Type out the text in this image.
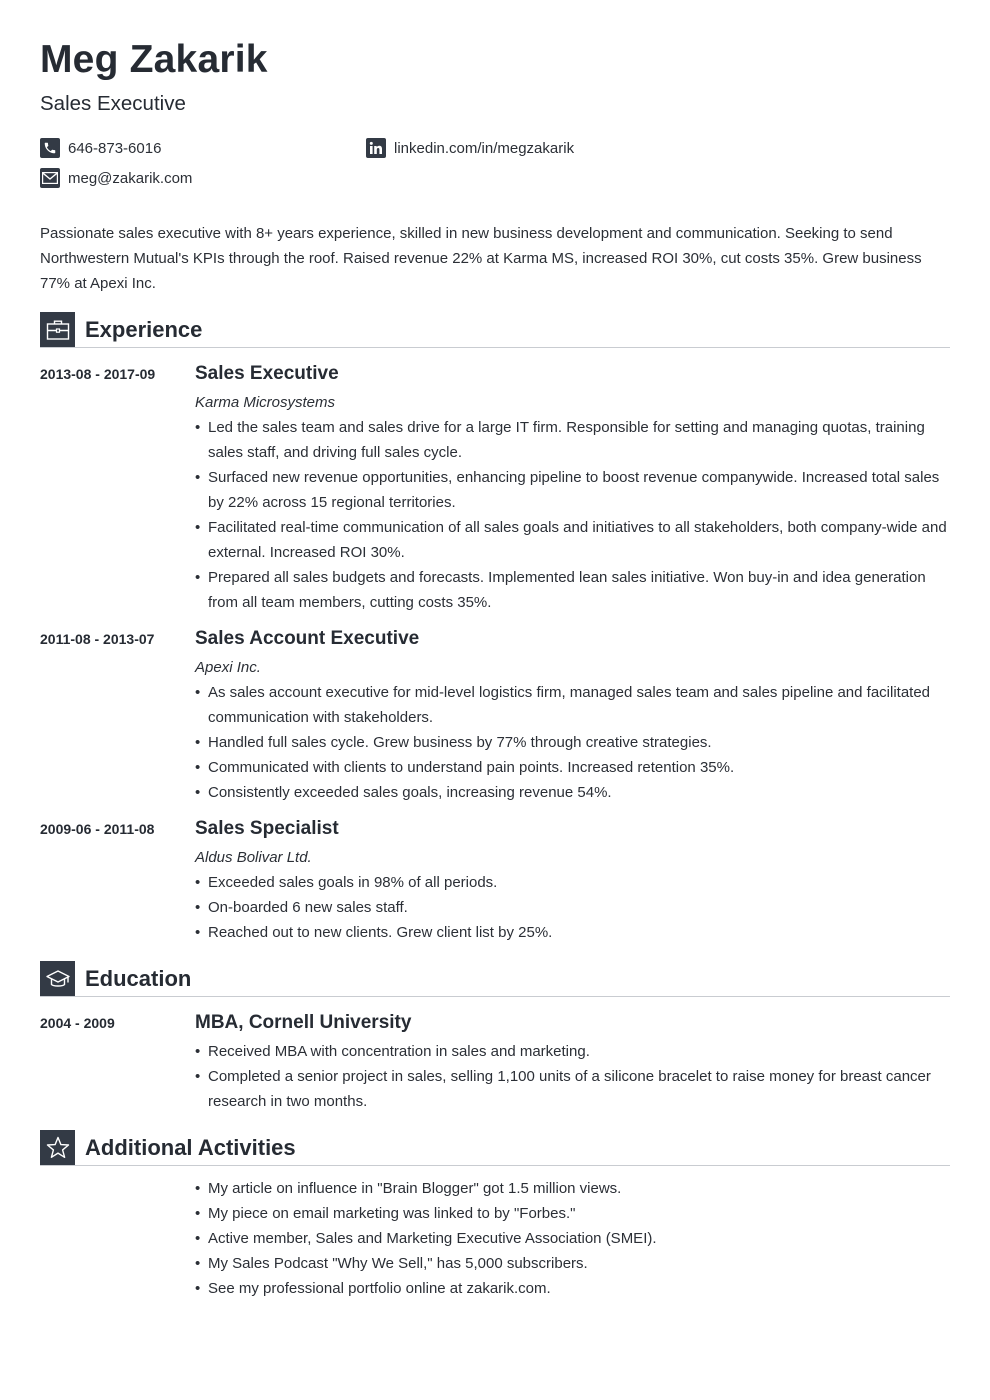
Meg Zakarik
Sales Executive
646-873-6016
meg@zakarik.com
linkedin.com/in/megzakarik
Passionate sales executive with 8+ years experience, skilled in new business development and communication. Seeking to send Northwestern Mutual's KPIs through the roof. Raised revenue 22% at Karma MS, increased ROI 30%, cut costs 35%. Grew business 77% at Apexi Inc.
Experience
2013-08 - 2017-09 Sales Executive
Karma Microsystems
• Led the sales team and sales drive for a large IT firm. Responsible for setting and managing quotas, training sales staff, and driving full sales cycle.
• Surfaced new revenue opportunities, enhancing pipeline to boost revenue companywide. Increased total sales by 22% across 15 regional territories.
• Facilitated real-time communication of all sales goals and initiatives to all stakeholders, both company-wide and external. Increased ROI 30%.
• Prepared all sales budgets and forecasts. Implemented lean sales initiative. Won buy-in and idea generation from all team members, cutting costs 35%.
2011-08 - 2013-07 Sales Account Executive
Apexi Inc.
• As sales account executive for mid-level logistics firm, managed sales team and sales pipeline and facilitated communication with stakeholders.
• Handled full sales cycle. Grew business by 77% through creative strategies.
• Communicated with clients to understand pain points. Increased retention 35%.
• Consistently exceeded sales goals, increasing revenue 54%.
2009-06 - 2011-08 Sales Specialist
Aldus Bolivar Ltd.
• Exceeded sales goals in 98% of all periods.
• On-boarded 6 new sales staff.
• Reached out to new clients. Grew client list by 25%.
Education
2004 - 2009	MBA, Cornell University
• Received MBA with concentration in sales and marketing.
• Completed a senior project in sales, selling 1,100 units of a silicone bracelet to raise money for breast cancer research in two months.
Additional Activities
• My article on influence in "Brain Blogger" got 1.5 million views.
• My piece on email marketing was linked to by "Forbes."
• Active member, Sales and Marketing Executive Association (SMEI).
• My Sales Podcast "Why We Sell," has 5,000 subscribers.
• See my professional portfolio online at zakarik.com.
